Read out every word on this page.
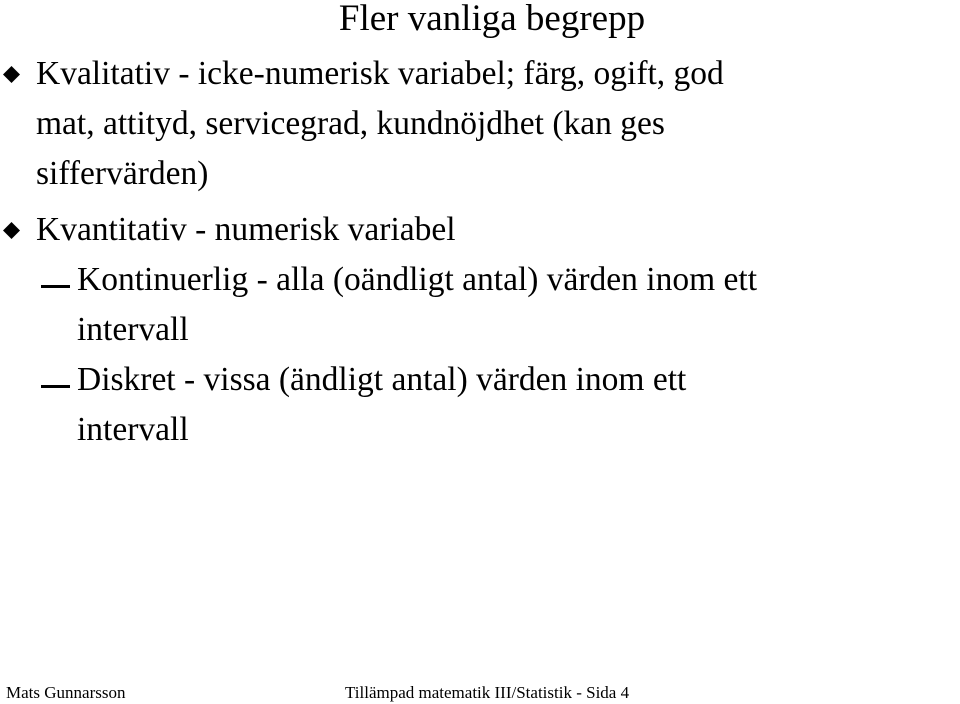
Fler vanliga begrepp
Kvalitativ - icke-numerisk variabel; färg, ogift, god
mat, attityd, servicegrad, kundnöjdhet (kan ges
siffervärden)
Kvantitativ - numerisk variabel
Kontinuerlig - alla (oändligt antal) värden inom ett
intervall
Diskret - vissa (ändligt antal) värden inom ett
intervall
Mats Gunnarsson	Tillämpad matematik III/Statistik - Sida 4
